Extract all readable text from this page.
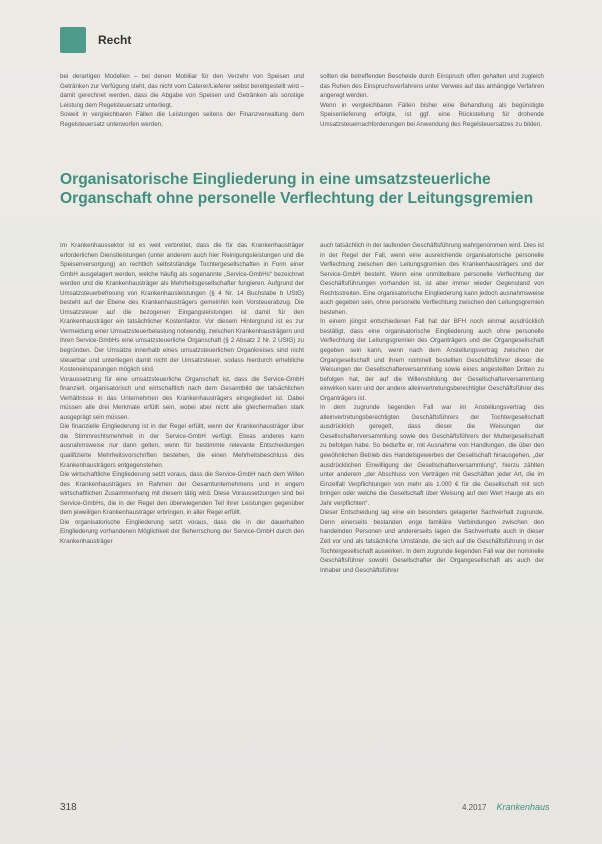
Recht

bei derartigen Modellen – bei denen Mobiliar für den Verzehr von Speisen und Getränken zur Verfügung steht, das nicht vom Caterer/Lieferer selbst bereitgestellt wird – damit gerechnet werden, dass die Abgabe von Speisen und Getränken als sonstige Leistung dem Regelsteuersatz unterliegt.

Soweit in vergleichbaren Fällen die Leistungen seitens der Finanzverwaltung dem Regelsteuersatz unterworfen werden,

sollten die betreffenden Bescheide durch Einspruch offen gehalten und zugleich das Ruhen des Einspruchsverfahrens unter Verweis auf das anhängige Verfahren angeregt werden.

Wenn in vergleichbaren Fällen bisher eine Behandlung als begünstigte Speisenlieferung erfolgte, ist ggf. eine Rückstellung für drohende Umsatzsteuernachforderungen bei Anwendung des Regelsteuersatzes zu bilden.

Organisatorische Eingliederung in eine umsatzsteuerliche
Organschaft ohne personelle Verflechtung der Leitungsgremien

Im Krankenhaussektor ist es weit verbreitet, dass die für das Krankenhausträger erforderlichen Dienstleistungen (unter anderem auch hier Reinigungsleistungen und die Speisenversorgung) an rechtlich selbstständige Tochtergesellschaften in Form einer GmbH ausgelagert werden, welche häufig als sogenannte „Service-GmbHs“ bezeichnet werden und die Krankenhausträger als Mehrheitsgesellschafter fungieren. Aufgrund der Umsatzsteuerbefreiung von Krankenhausleistungen (§ 4 Nr. 14 Buchstabe b UStG) besteht auf der Ebene des Krankenhausträgers gemeinhin kein Vorsteuerabzug. Die Umsatzsteuer auf die bezogenen Eingangsleistungen ist damit für den Krankenhausträger ein tatsächlicher Kostenfaktor. Vor diesem Hintergrund ist es zur Vermeidung einer Umsatzsteuerbelastung notwendig, zwischen Krankenhausträgern und ihren Service-GmbHs eine umsatzsteuerliche Organschaft (§ 2 Absatz 2 Nr. 2 UStG) zu begründen. Der Umsätze innerhalb eines umsatzsteuerlichen Organkreises sind nicht steuerbar und unterliegen damit nicht der Umsatzsteuer, sodass hierdurch erhebliche Kosteneinsparungen möglich sind.

Voraussetzung für eine umsatzsteuerliche Organschaft ist, dass die Service-GmbH finanziell, organisatorisch und wirtschaftlich nach dem Gesamtbild der tatsächlichen Verhältnisse in das Unternehmen des Krankenhausträgers eingegliedert ist. Dabei müssen alle drei Merkmale erfüllt sein, wobei aber nicht alle gleichermaßen stark ausgeprägt sein müssen.

Die finanzielle Eingliederung ist in der Regel erfüllt, wenn der Krankenhausträger über die Stimmrechtsmehrheit in der Service-GmbH verfügt. Etwas anderes kann ausnahmsweise nur dann gelten, wenn für bestimmte relevante Entscheidungen qualifizierte Mehrheitsvorschriften bestehen, die einen Mehrheitsbeschluss des Krankenhausträgers entgegenstehen.

Die wirtschaftliche Eingliederung setzt voraus, dass die Service-GmbH nach dem Willen des Krankenhausträgers im Rahmen der Gesamtunternehmens und in engem wirtschaftlichen Zusammenhang mit diesem tätig wird. Diese Voraussetzungen sind bei Service-GmbHs, die in der Regel den überwiegenden Teil ihrer Leistungen gegenüber dem jeweiligen Krankenhausträger erbringen, in aller Regel erfüllt.

Die organisatorische Eingliederung setzt voraus, dass die in der dauerhaften Eingliederung vorhandenen Möglichkeit der Beherrschung der Service-GmbH durch den Krankenhausträger

auch tatsächlich in der laufenden Geschäftsführung wahrgenommen wird. Dies ist in der Regel der Fall, wenn eine ausreichende organisatorische personelle Verflechtung zwischen den Leitungsgremien des Krankenhausträgers und der Service-GmbH besteht. Wenn eine unmittelbare personelle Verflechtung der Geschäftsführungen vorhanden ist, ist aber immer wieder Gegenstand von Rechtsstreiten. Eine organisatorische Eingliederung kann jedoch ausnahmsweise auch gegeben sein, ohne personelle Verflechtung zwischen den Leitungsgremien bestehen.

In einem jüngst entschiedenen Fall hat der BFH noch einmal ausdrücklich bestätigt, dass eine organisatorische Eingliederung auch ohne personelle Verflechtung der Leitungsgremien des Organträgers und der Organgesellschaft gegeben sein kann, wenn nach dem Anstellungsvertrag zwischen der Organgesellschaft und ihrem nominell bestellten Geschäftsführer dieser die Weisungen der Gesellschafterversammlung sowie eines angestellten Dritten zu befolgen hat, der auf die Willensbildung der Gesellschafterversammlung einwirken kann und der andere alleinvertretungsberechtigter Geschäftsführer des Organträgers ist.

In dem zugrunde liegenden Fall war im Anstellungsvertrag des alleinvertretungsberechtigten Geschäftsführers der Tochtergesellschaft ausdrücklich geregelt, dass dieser die Weisungen der Gesellschafterversammlung sowie des Geschäftsführers der Muttergesellschaft zu befolgen habe. So bedurfte er, mit Ausnahme von Handlungen, die über den gewöhnlichen Betrieb des Handelsgewerbes der Gesellschaft hinausgehen, „der ausdrücklichen Einwilligung der Gesellschafterversammlung“, hierzu zählten unter anderem „der Abschluss von Verträgen mit Geschäften jeder Art, die im Einzelfall Verpflichtungen von mehr als 1.000 € für die Gesellschaft mit sich bringen oder welche die Gesellschaft über Weisung auf den Wert Hauge als ein Jahr verpflichten“.

Dieser Entscheidung lag eine ein besonders gelagerter Sachverhalt zugrunde. Denn einerseits bestanden enge familiäre Verbindungen zwischen den handelnden Personen und andererseits lagen die Sachverhalte auch in dieser Zeit vor und als tatsächliche Umstände, die sich auf die Geschäftsführung in der Tochtergesellschaft auswirken. In dem zugrunde liegenden Fall war der nominelle Geschäftsführer sowohl Gesellschafter der Organgesellschaft als auch der Inhaber und Geschäftsführer

318	4.2017 Krankenhaus
